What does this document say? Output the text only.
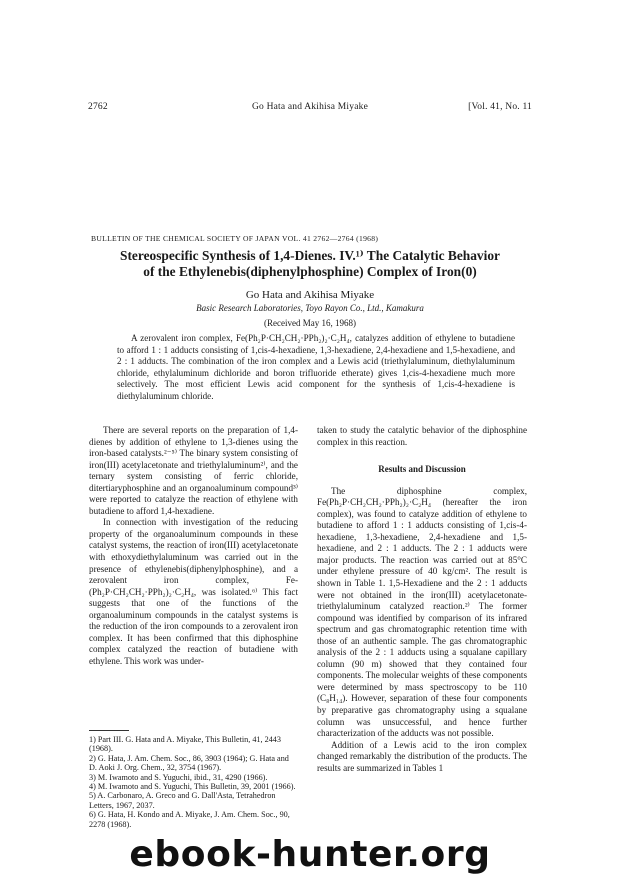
2762	Go Hata and Akihisa Miyake	[Vol. 41, No. 11
BULLETIN OF THE CHEMICAL SOCIETY OF JAPAN VOL. 41 2762—2764 (1968)
Stereospecific Synthesis of 1,4-Dienes. IV.¹⁾ The Catalytic Behavior
of the Ethylenebis(diphenylphosphine) Complex of Iron(0)
Go Hata and Akihisa Miyake
Basic Research Laboratories, Toyo Rayon Co., Ltd., Kamakura
(Received May 16, 1968)
A zerovalent iron complex, Fe(Ph₂P·CH₂CH₂·PPh₂)₂·C₂H₄, catalyzes addition of ethylene to butadiene to afford 1 : 1 adducts consisting of 1,cis-4-hexadiene, 1,3-hexadiene, 2,4-hexadiene and 1,5-hexadiene, and 2 : 1 adducts. The combination of the iron complex and a Lewis acid (triethylaluminum, diethylaluminum chloride, ethylaluminum dichloride and boron trifluoride etherate) gives 1,cis-4-hexadiene much more selectively. The most efficient Lewis acid component for the synthesis of 1,cis-4-hexadiene is diethylaluminum chloride.

There are several reports on the preparation of 1,4-dienes by addition of ethylene to 1,3-dienes using the iron-based catalysts.²⁻⁵⁾ The binary system consisting of iron(III) acetylacetonate and triethylaluminum²⁾, and the ternary system consisting of ferric chloride, ditertiaryphosphine and an organoaluminum compound³⁾ were reported to catalyze the reaction of ethylene with butadiene to afford 1,4-hexadiene.

In connection with investigation of the reducing property of the organoaluminum compounds in these catalyst systems, the reaction of iron(III) acetylacetonate with ethoxydiethylaluminum was carried out in the presence of ethylenebis(diphenylphosphine), and a zerovalent iron complex, Fe-(Ph₂P·CH₂CH₂·PPh₂)₂·C₂H₄, was isolated.⁶⁾ This fact suggests that one of the functions of the organoaluminum compounds in the catalyst systems is the reduction of the iron compounds to a zerovalent iron complex. It has been confirmed that this diphosphine complex catalyzed the reaction of butadiene with ethylene. This work was under-

taken to study the catalytic behavior of the diphosphine complex in this reaction.

Results and Discussion

The diphosphine complex, Fe(Ph₂P·CH₂CH₂·PPh₂)₂·C₂H₄ (hereafter the iron complex), was found to catalyze addition of ethylene to butadiene to afford 1 : 1 adducts consisting of 1,cis-4-hexadiene, 1,3-hexadiene, 2,4-hexadiene and 1,5-hexadiene, and 2 : 1 adducts. The 2 : 1 adducts were major products. The reaction was carried out at 85°C under ethylene pressure of 40 kg/cm². The result is shown in Table 1. 1,5-Hexadiene and the 2 : 1 adducts were not obtained in the iron(III) acetylacetonate-triethylaluminum catalyzed reaction.²⁾ The former compound was identified by comparison of its infrared spectrum and gas chromatographic retention time with those of an authentic sample. The gas chromatographic analysis of the 2 : 1 adducts using a squalane capillary column (90 m) showed that they contained four components. The molecular weights of these components were determined by mass spectroscopy to be 110 (C₈H₁₄). However, separation of these four components by preparative gas chromatography using a squalane column was unsuccessful, and hence further characterization of the adducts was not possible.

Addition of a Lewis acid to the iron complex changed remarkably the distribution of the products. The results are summarized in Tables 1

1) Part III. G. Hata and A. Miyake, This Bulletin, 41, 2443 (1968).
2) G. Hata, J. Am. Chem. Soc., 86, 3903 (1964); G. Hata and D. Aoki J. Org. Chem., 32, 3754 (1967).
3) M. Iwamoto and S. Yuguchi, ibid., 31, 4290 (1966).
4) M. Iwamoto and S. Yuguchi, This Bulletin, 39, 2001 (1966).
5) A. Carbonaro, A. Greco and G. Dall'Asta, Tetrahedron Letters, 1967, 2037.
6) G. Hata, H. Kondo and A. Miyake, J. Am. Chem. Soc., 90, 2278 (1968).
ebook-hunter.org
